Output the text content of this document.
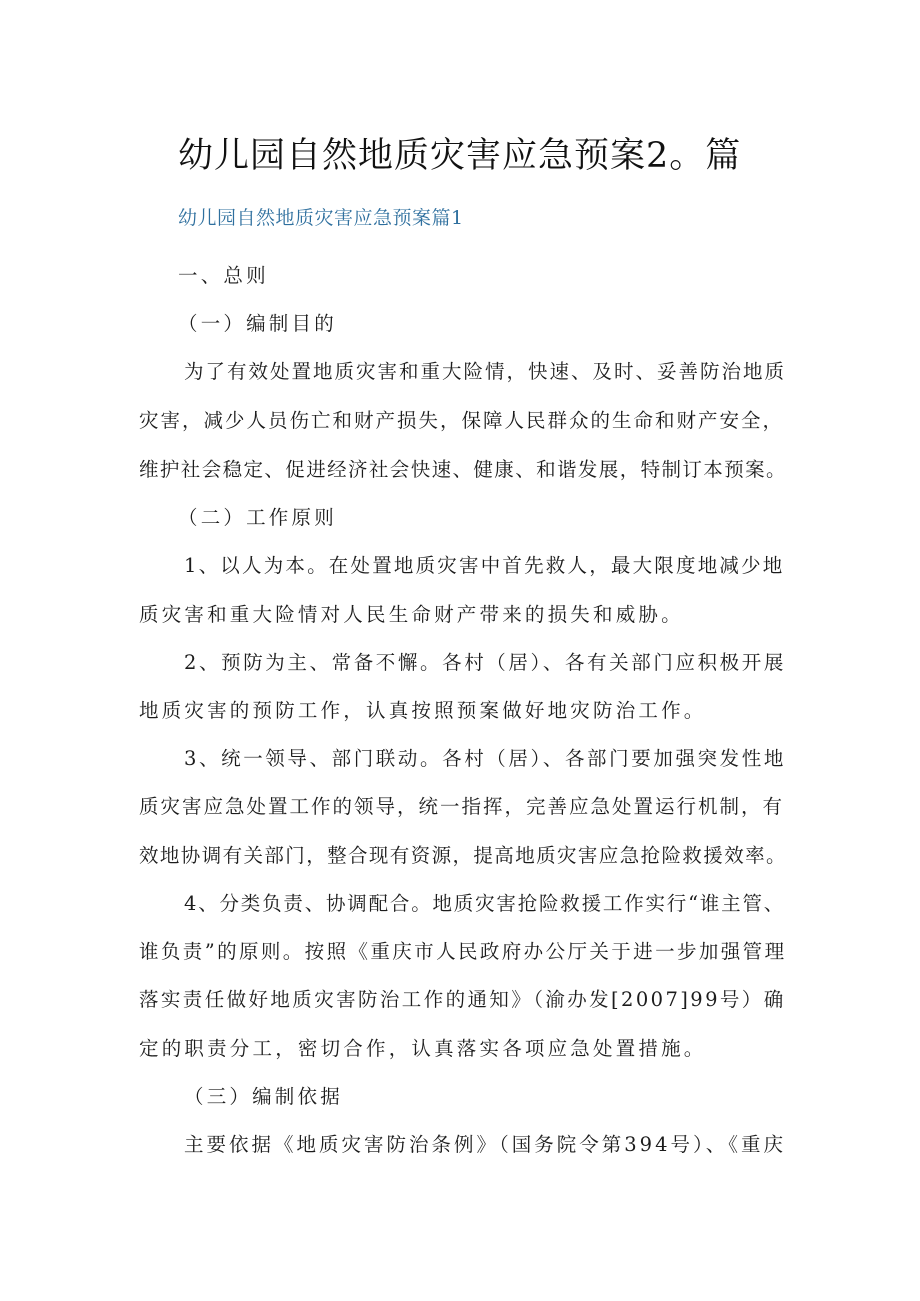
幼儿园自然地质灾害应急预案2。篇
幼儿园自然地质灾害应急预案篇1
一、总则
（一）编制目的
为了有效处置地质灾害和重大险情，快速、及时、妥善防治地质
灾害，减少人员伤亡和财产损失，保障人民群众的生命和财产安全，
维护社会稳定、促进经济社会快速、健康、和谐发展，特制订本预案。
（二）工作原则
1、以人为本。在处置地质灾害中首先救人，最大限度地减少地
质灾害和重大险情对人民生命财产带来的损失和威胁。
2、预防为主、常备不懈。各村（居）、各有关部门应积极开展
地质灾害的预防工作，认真按照预案做好地灾防治工作。
3、统一领导、部门联动。各村（居）、各部门要加强突发性地
质灾害应急处置工作的领导，统一指挥，完善应急处置运行机制，有
效地协调有关部门，整合现有资源，提高地质灾害应急抢险救援效率。
4、分类负责、协调配合。地质灾害抢险救援工作实行“谁主管、
谁负责”的原则。按照《重庆市人民政府办公厅关于进一步加强管理
落实责任做好地质灾害防治工作的通知》（渝办发[2007]99号）确
定的职责分工，密切合作，认真落实各项应急处置措施。
（三）编制依据
主要依据《地质灾害防治条例》（国务院令第394号）、《重庆
